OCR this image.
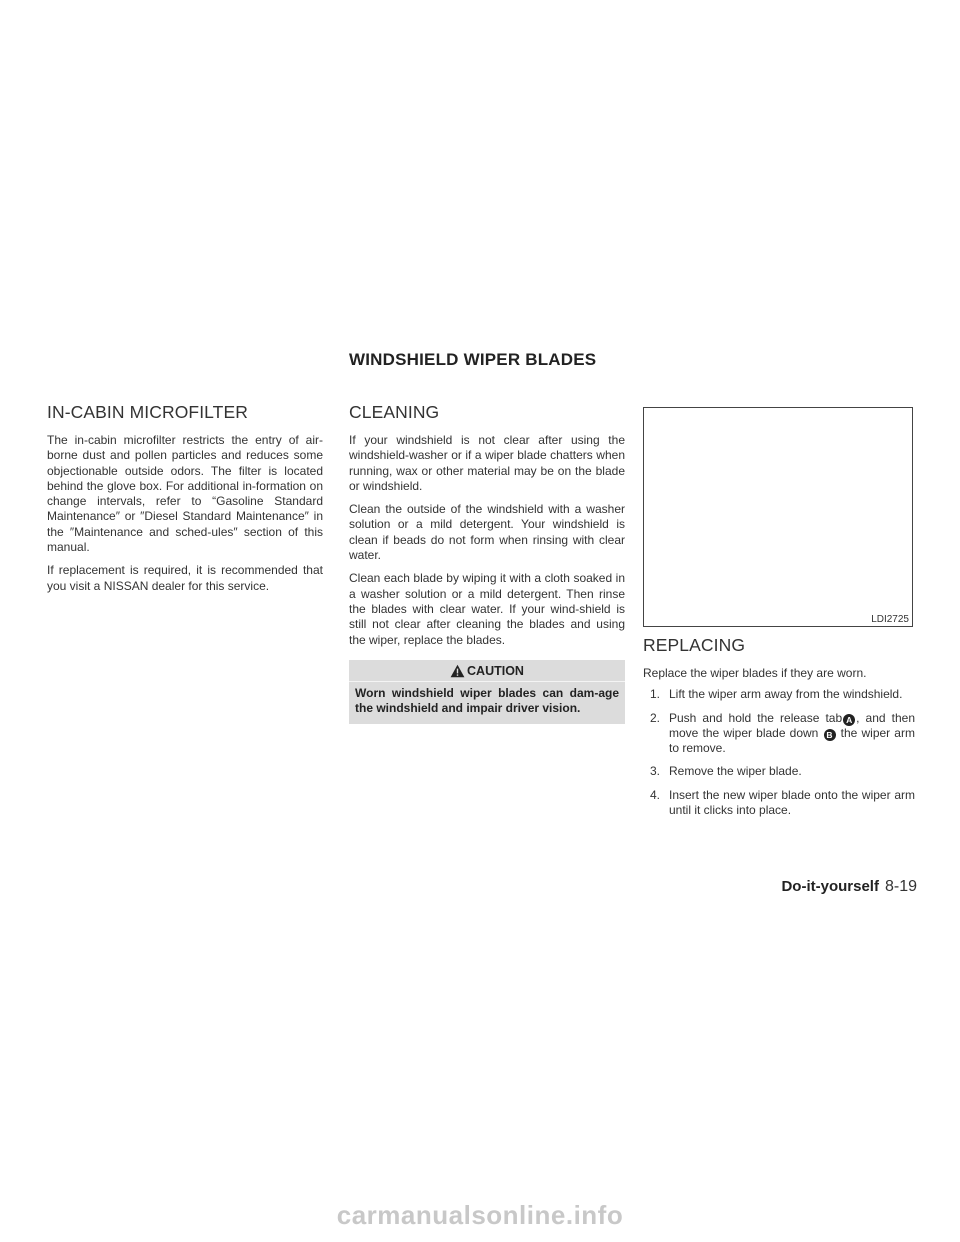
WINDSHIELD WIPER BLADES
IN-CABIN MICROFILTER

The in-cabin microfilter restricts the entry of air-borne dust and pollen particles and reduces some objectionable outside odors. The filter is located behind the glove box. For additional in-formation on change intervals, refer to “Gasoline Standard Maintenance″ or ″Diesel Standard Maintenance″ in the ″Maintenance and sched-ules″ section of this manual.

If replacement is required, it is recommended that you visit a NISSAN dealer for this service.

CLEANING

If your windshield is not clear after using the windshield-washer or if a wiper blade chatters when running, wax or other material may be on the blade or windshield.

Clean the outside of the windshield with a washer solution or a mild detergent. Your windshield is clean if beads do not form when rinsing with clear water.

Clean each blade by wiping it with a cloth soaked in a washer solution or a mild detergent. Then rinse the blades with clear water. If your wind-shield is still not clear after cleaning the blades and using the wiper, replace the blades.

CAUTION
Worn windshield wiper blades can dam-age the windshield and impair driver vision.
LDI2725
REPLACING

Replace the wiper blades if they are worn.

1. Lift the wiper arm away from the windshield.
2. Push and hold the release tab A , and then move the wiper blade down B the wiper arm to remove.
3. Remove the wiper blade.
4. Insert the new wiper blade onto the wiper arm until it clicks into place.
Do-it-yourself 8-19
carmanualsonline.info
